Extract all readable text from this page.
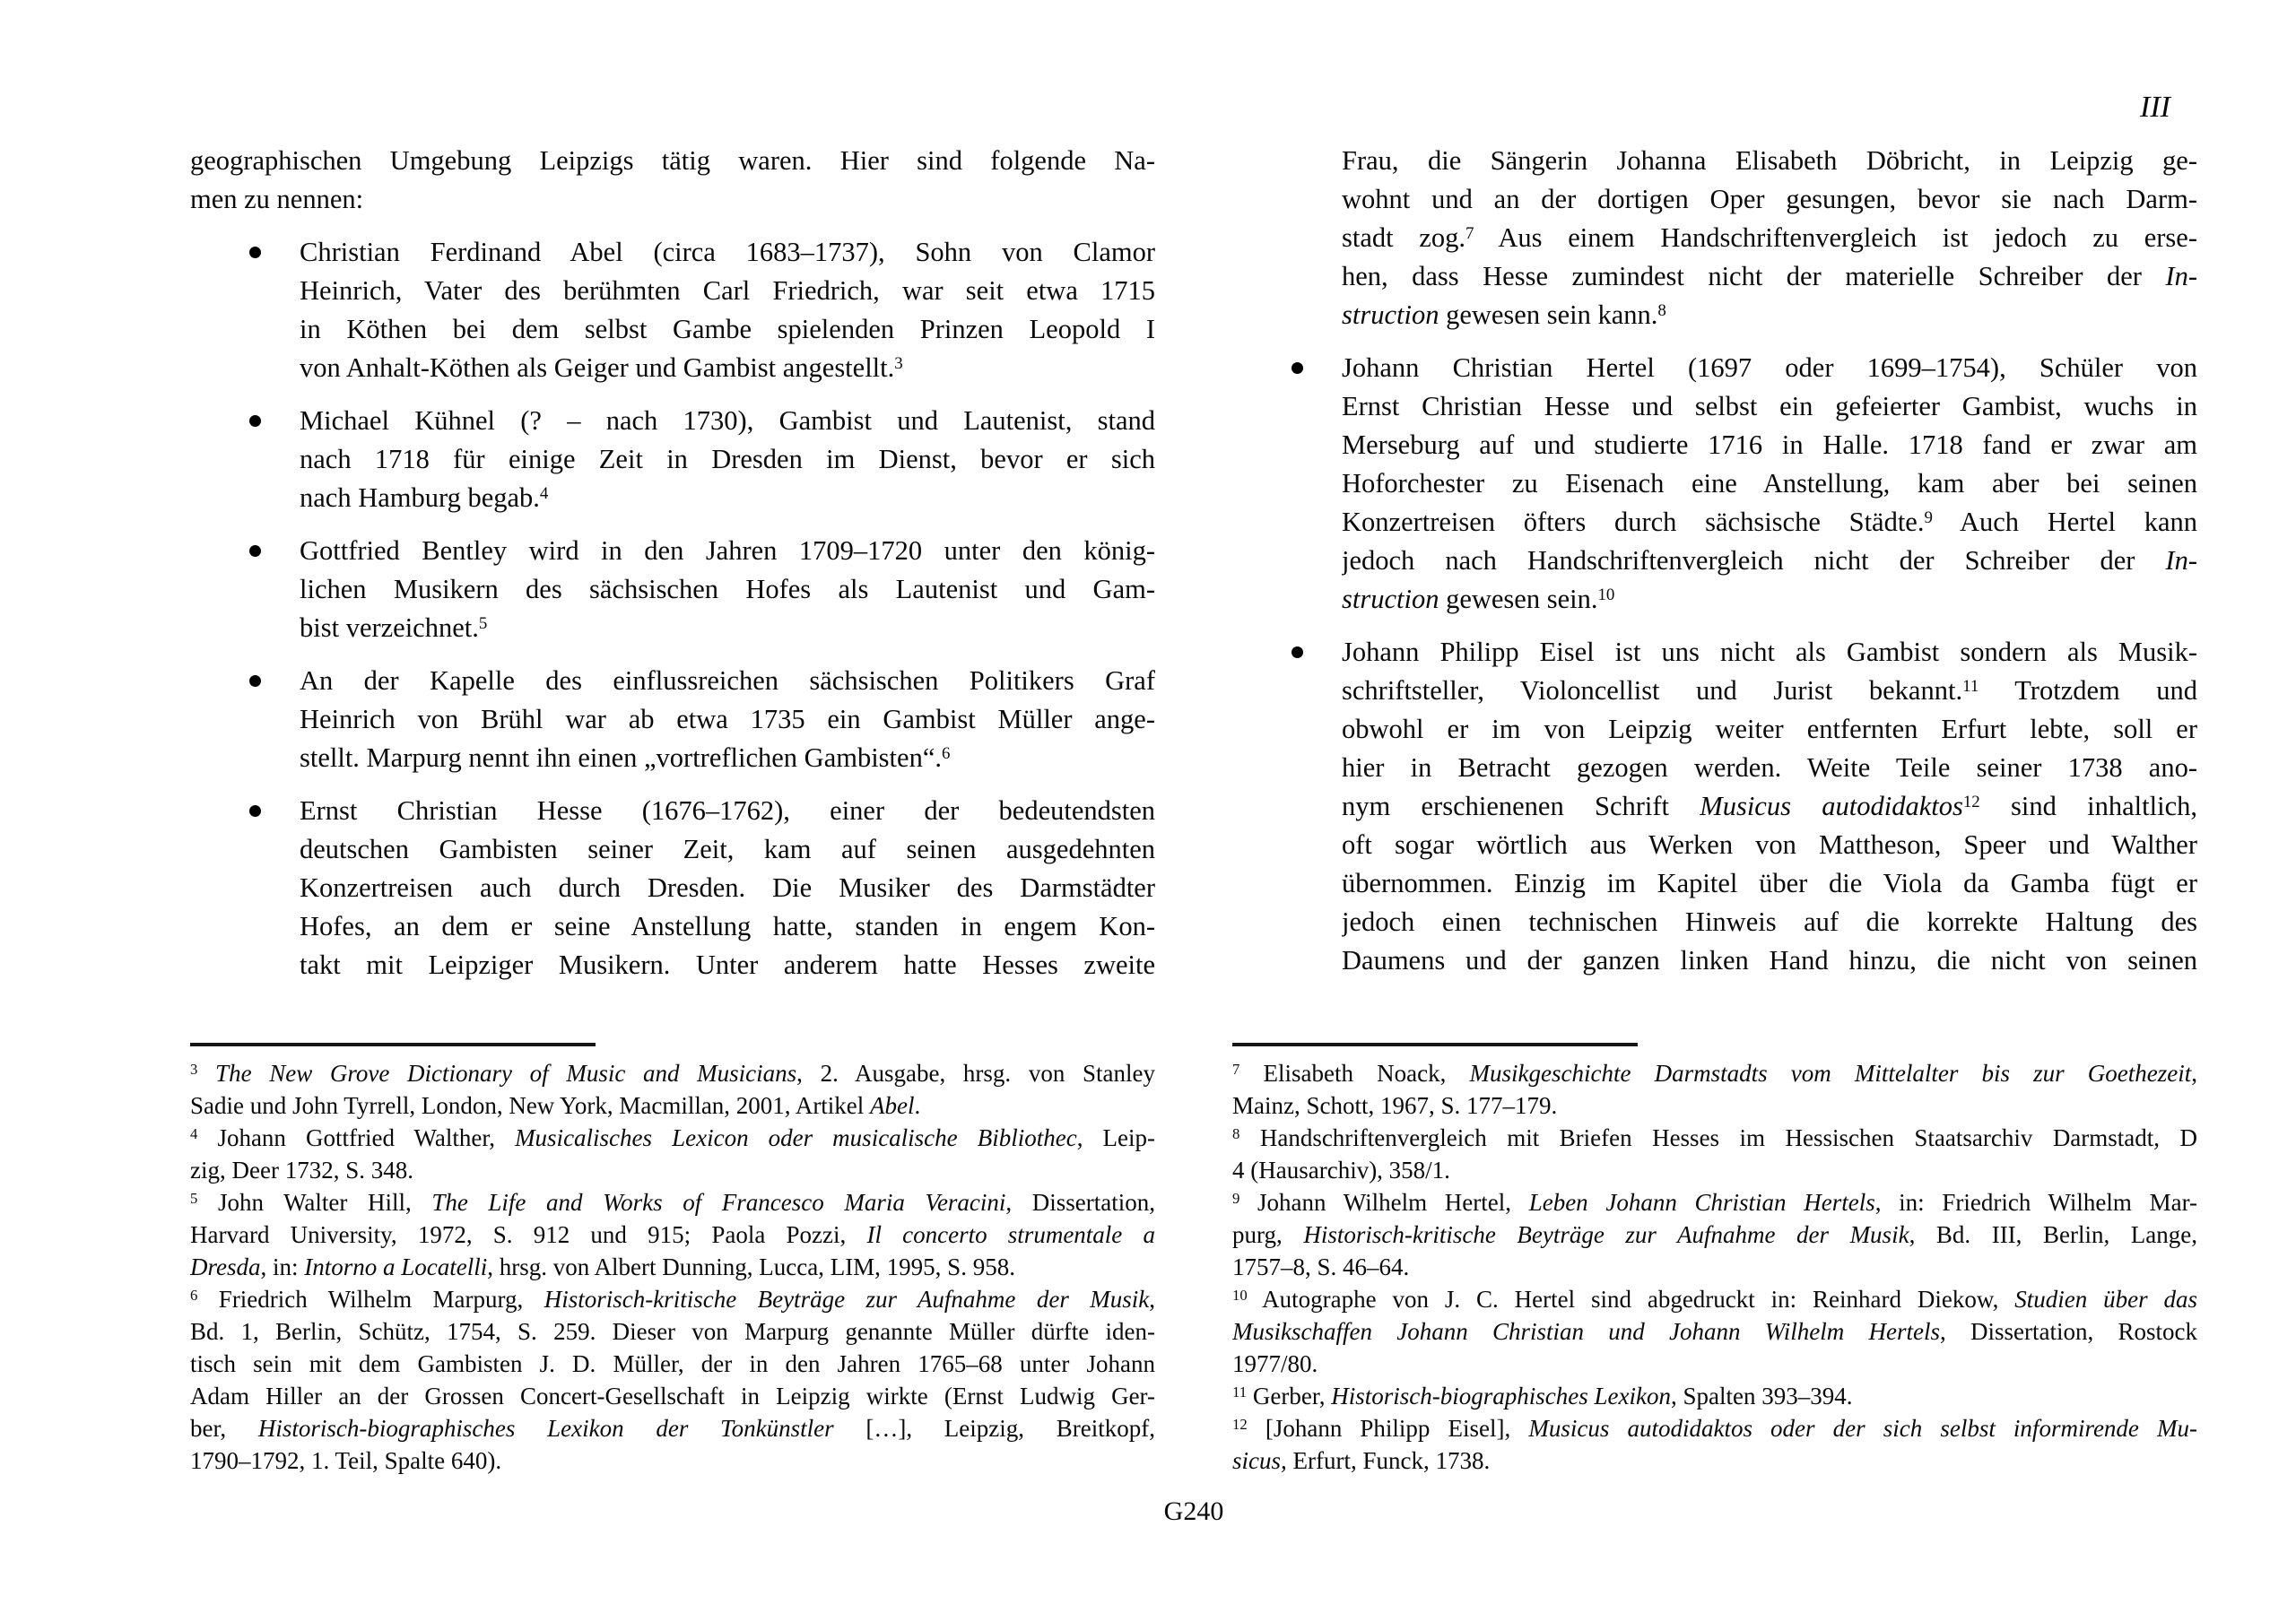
III
geographischen Umgebung Leipzigs tätig waren. Hier sind folgende Na-
men zu nennen:
Christian Ferdinand Abel (circa 1683–1737), Sohn von Clamor
Heinrich, Vater des berühmten Carl Friedrich, war seit etwa 1715
in Köthen bei dem selbst Gambe spielenden Prinzen Leopold I
von Anhalt-Köthen als Geiger und Gambist angestellt.$^3$
Michael Kühnel (? – nach 1730), Gambist und Lautenist, stand
nach 1718 für einige Zeit in Dresden im Dienst, bevor er sich
nach Hamburg begab.$^4$
Gottfried Bentley wird in den Jahren 1709–1720 unter den könig-
lichen Musikern des sächsischen Hofes als Lautenist und Gam-
bist verzeichnet.$^5$
An der Kapelle des einflussreichen sächsischen Politikers Graf
Heinrich von Brühl war ab etwa 1735 ein Gambist Müller ange-
stellt. Marpurg nennt ihn einen „vortreflichen Gambisten“.$^6$
Ernst Christian Hesse (1676–1762), einer der bedeutendsten
deutschen Gambisten seiner Zeit, kam auf seinen ausgedehnten
Konzertreisen auch durch Dresden. Die Musiker des Darmstädter
Hofes, an dem er seine Anstellung hatte, standen in engem Kon-
takt mit Leipziger Musikern. Unter anderem hatte Hesses zweite
$^3$ The New Grove Dictionary of Music and Musicians, 2. Ausgabe, hrsg. von Stanley
Sadie und John Tyrrell, London, New York, Macmillan, 2001, Artikel Abel.
$^4$ Johann Gottfried Walther, Musicalisches Lexicon oder musicalische Bibliothec, Leip-
zig, Deer 1732, S. 348.
$^5$ John Walter Hill, The Life and Works of Francesco Maria Veracini, Dissertation,
Harvard University, 1972, S. 912 und 915; Paola Pozzi, Il concerto strumentale a
Dresda, in: Intorno a Locatelli, hrsg. von Albert Dunning, Lucca, LIM, 1995, S. 958.
$^6$ Friedrich Wilhelm Marpurg, Historisch-kritische Beyträge zur Aufnahme der Musik,
Bd. 1, Berlin, Schütz, 1754, S. 259. Dieser von Marpurg genannte Müller dürfte iden-
tisch sein mit dem Gambisten J. D. Müller, der in den Jahren 1765–68 unter Johann
Adam Hiller an der Grossen Concert-Gesellschaft in Leipzig wirkte (Ernst Ludwig Ger-
ber, Historisch-biographisches Lexikon der Tonkünstler […], Leipzig, Breitkopf,
1790–1792, 1. Teil, Spalte 640).
Frau, die Sängerin Johanna Elisabeth Döbricht, in Leipzig ge-
wohnt und an der dortigen Oper gesungen, bevor sie nach Darm-
stadt zog.$^7$ Aus einem Handschriftenvergleich ist jedoch zu erse-
hen, dass Hesse zumindest nicht der materielle Schreiber der In-
struction gewesen sein kann.$^8$
Johann Christian Hertel (1697 oder 1699–1754), Schüler von
Ernst Christian Hesse und selbst ein gefeierter Gambist, wuchs in
Merseburg auf und studierte 1716 in Halle. 1718 fand er zwar am
Hoforchester zu Eisenach eine Anstellung, kam aber bei seinen
Konzertreisen öfters durch sächsische Städte.$^9$ Auch Hertel kann
jedoch nach Handschriftenvergleich nicht der Schreiber der In-
struction gewesen sein.$^{10}$
Johann Philipp Eisel ist uns nicht als Gambist sondern als Musik-
schriftsteller, Violoncellist und Jurist bekannt.$^{11}$ Trotzdem und
obwohl er im von Leipzig weiter entfernten Erfurt lebte, soll er
hier in Betracht gezogen werden. Weite Teile seiner 1738 ano-
nym erschienenen Schrift Musicus autodidaktos$^{12}$ sind inhaltlich,
oft sogar wörtlich aus Werken von Mattheson, Speer und Walther
übernommen. Einzig im Kapitel über die Viola da Gamba fügt er
jedoch einen technischen Hinweis auf die korrekte Haltung des
Daumens und der ganzen linken Hand hinzu, die nicht von seinen
$^7$ Elisabeth Noack, Musikgeschichte Darmstadts vom Mittelalter bis zur Goethezeit,
Mainz, Schott, 1967, S. 177–179.
$^8$ Handschriftenvergleich mit Briefen Hesses im Hessischen Staatsarchiv Darmstadt, D
4 (Hausarchiv), 358/1.
$^9$ Johann Wilhelm Hertel, Leben Johann Christian Hertels, in: Friedrich Wilhelm Mar-
purg, Historisch-kritische Beyträge zur Aufnahme der Musik, Bd. III, Berlin, Lange,
1757–8, S. 46–64.
$^{10}$ Autographe von J. C. Hertel sind abgedruckt in: Reinhard Diekow, Studien über das
Musikschaffen Johann Christian und Johann Wilhelm Hertels, Dissertation, Rostock
1977/80.
$^{11}$ Gerber, Historisch-biographisches Lexikon, Spalten 393–394.
$^{12}$ [Johann Philipp Eisel], Musicus autodidaktos oder der sich selbst informirende Mu-
sicus, Erfurt, Funck, 1738.
G240
